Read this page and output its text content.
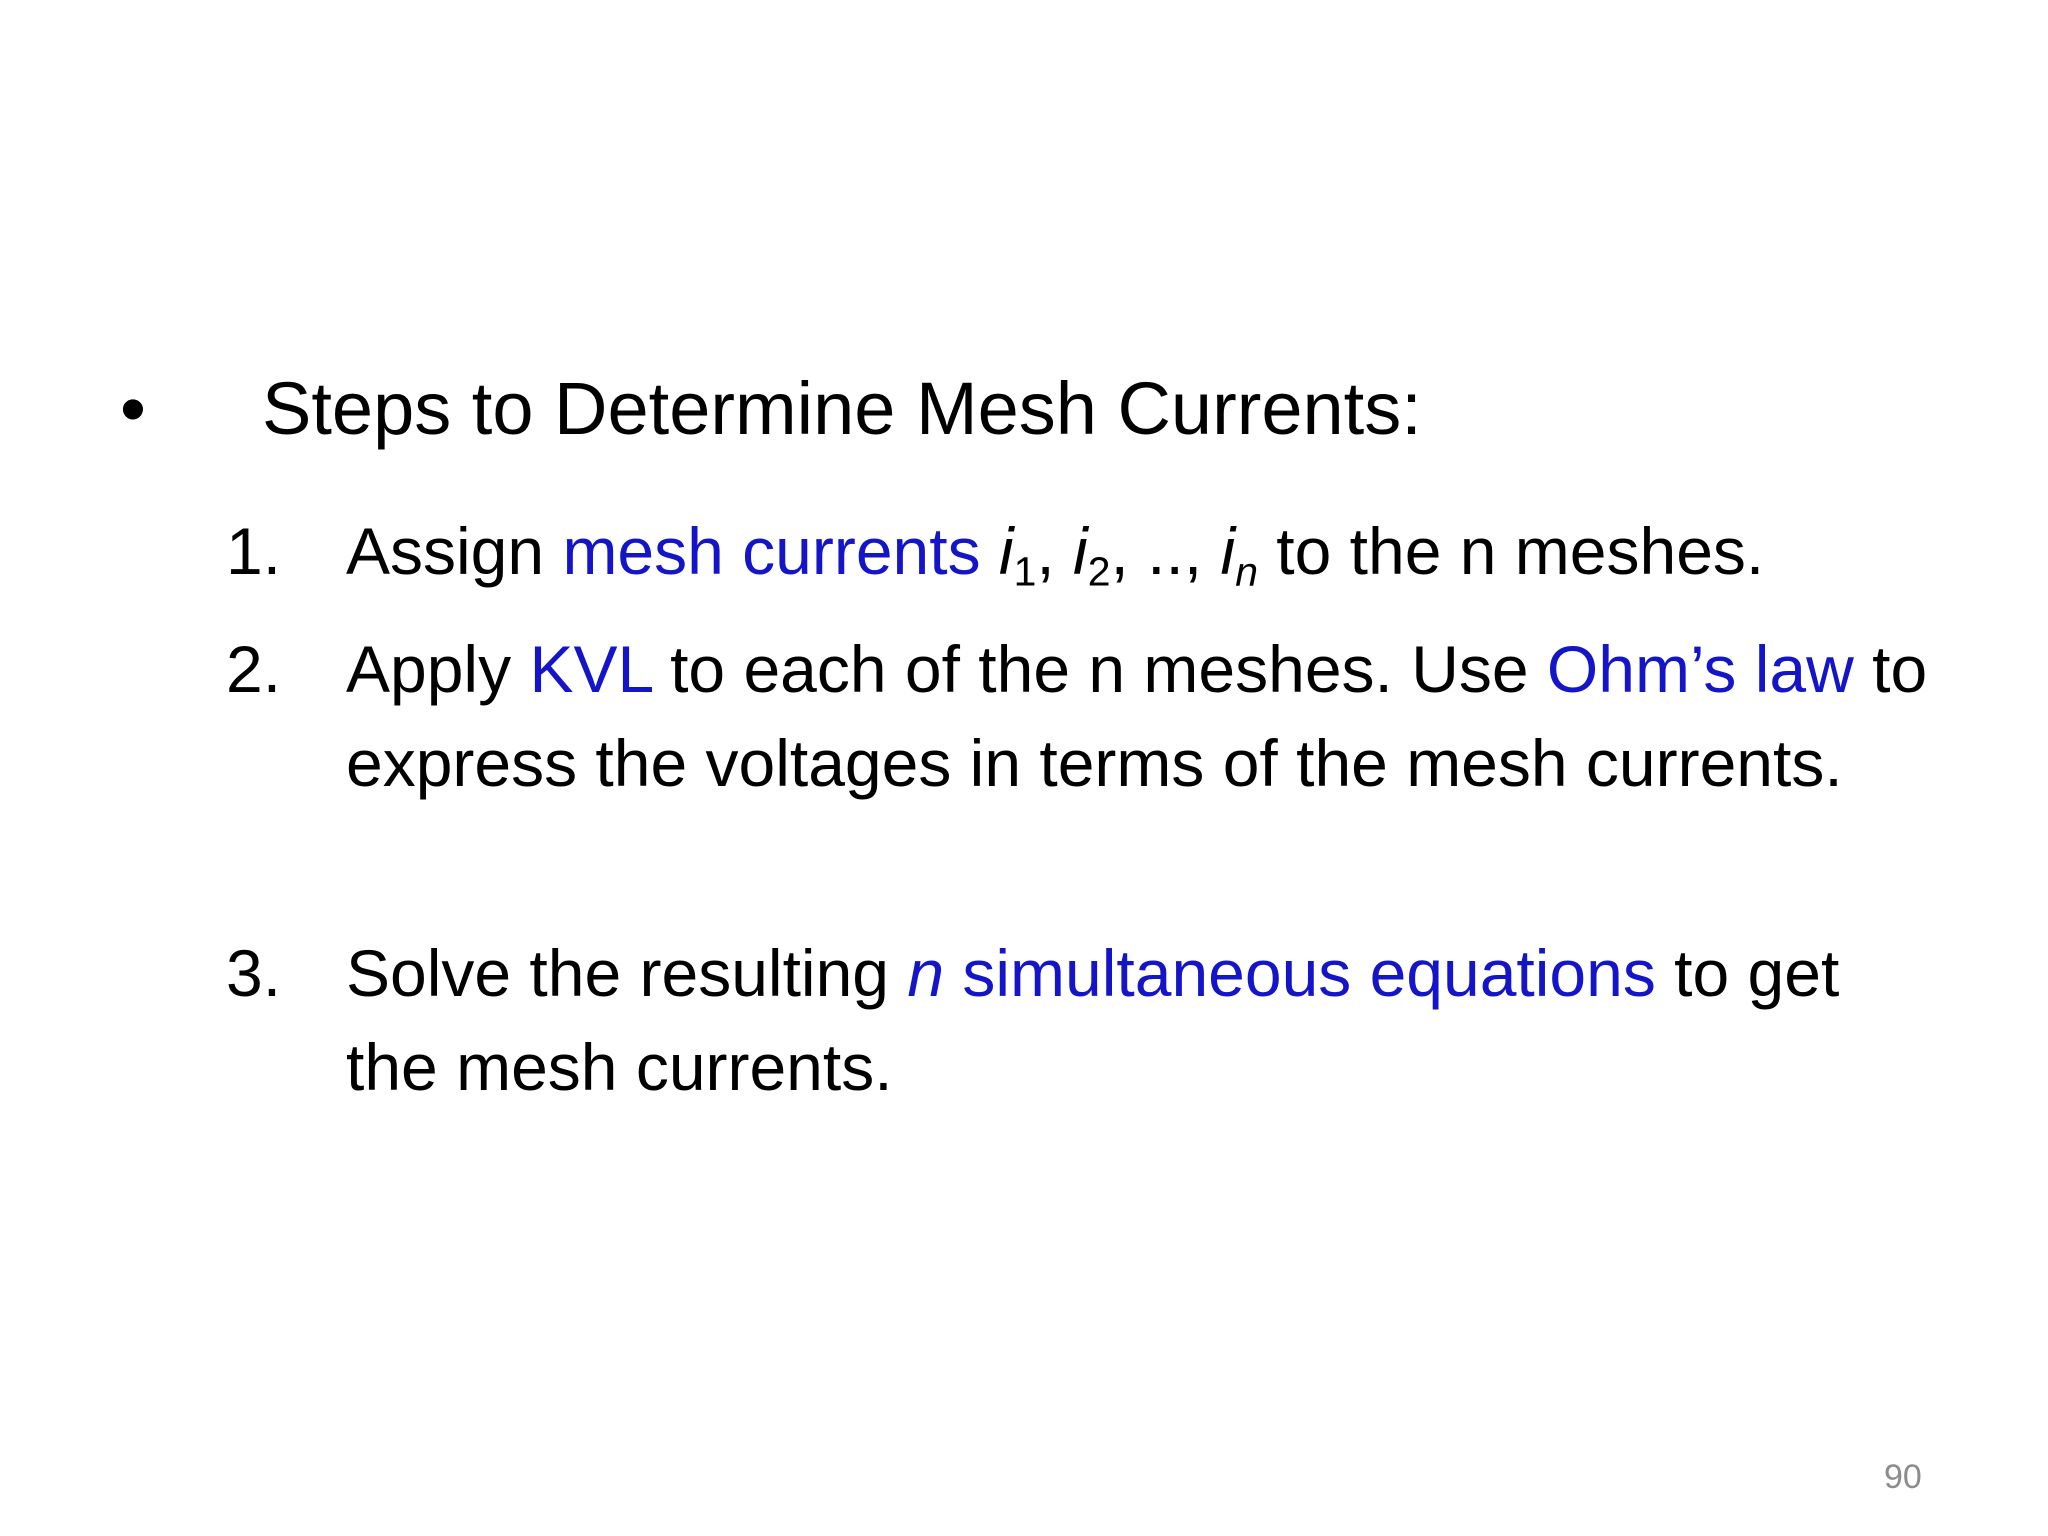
• Steps to Determine Mesh Currents:
1. Assign mesh currents $i_1$, $i_2$, .., $i_n$ to the n meshes.
2. Apply KVL to each of the n meshes. Use Ohm’s law to express the voltages in terms of the mesh currents.
3. Solve the resulting n simultaneous equations to get the mesh currents.
90
